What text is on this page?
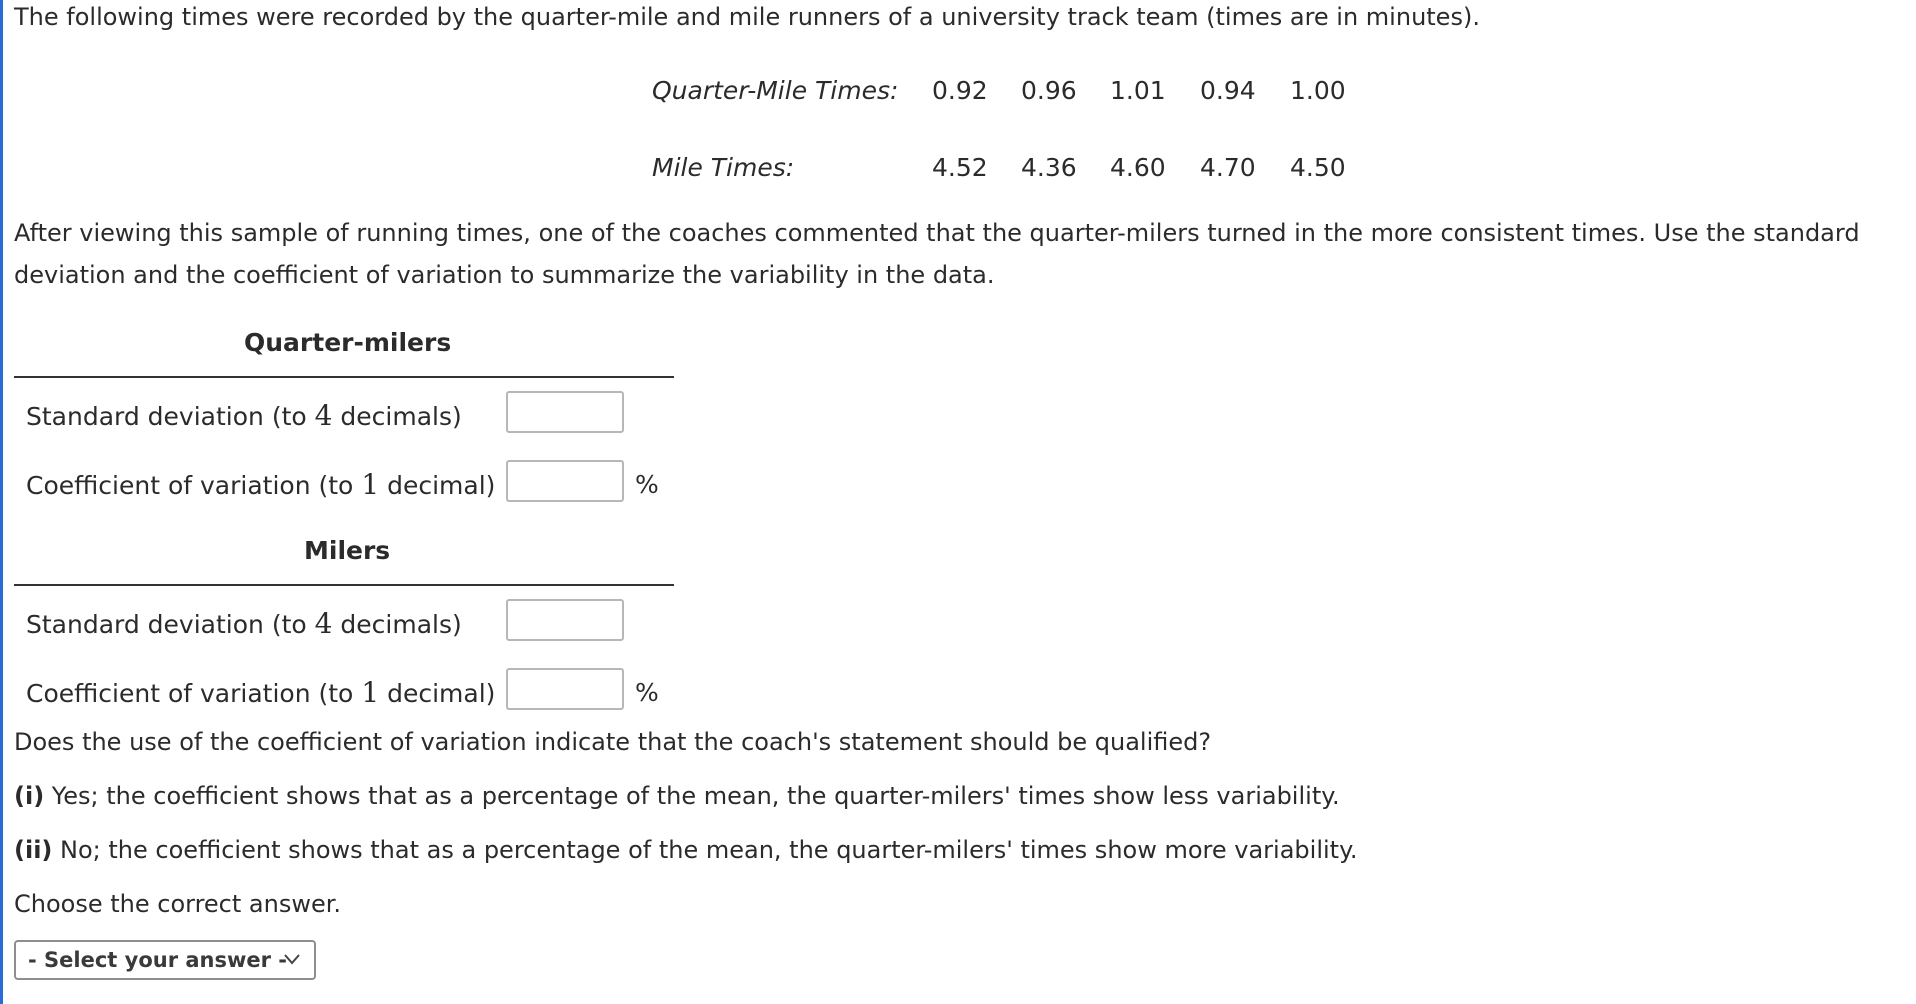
The following times were recorded by the quarter-mile and mile runners of a university track team (times are in minutes).
Quarter-Mile Times: 0.92 0.96 1.01 0.94 1.00
Mile Times:	4.52 4.36 4.60 4.70 4.50
After viewing this sample of running times, one of the coaches commented that the quarter-milers turned in the more consistent times. Use the standard deviation and the coefficient of variation to summarize the variability in the data.
Quarter-milers
Standard deviation (to 4 decimals)
Coefficient of variation (to 1 decimal)	%
Milers
Standard deviation (to 4 decimals)
Coefficient of variation (to 1 decimal)	%
Does the use of the coefficient of variation indicate that the coach's statement should be qualified?
(i) Yes; the coefficient shows that as a percentage of the mean, the quarter-milers' times show less variability.
(ii) No; the coefficient shows that as a percentage of the mean, the quarter-milers' times show more variability.
Choose the correct answer.
- Select your answer -
